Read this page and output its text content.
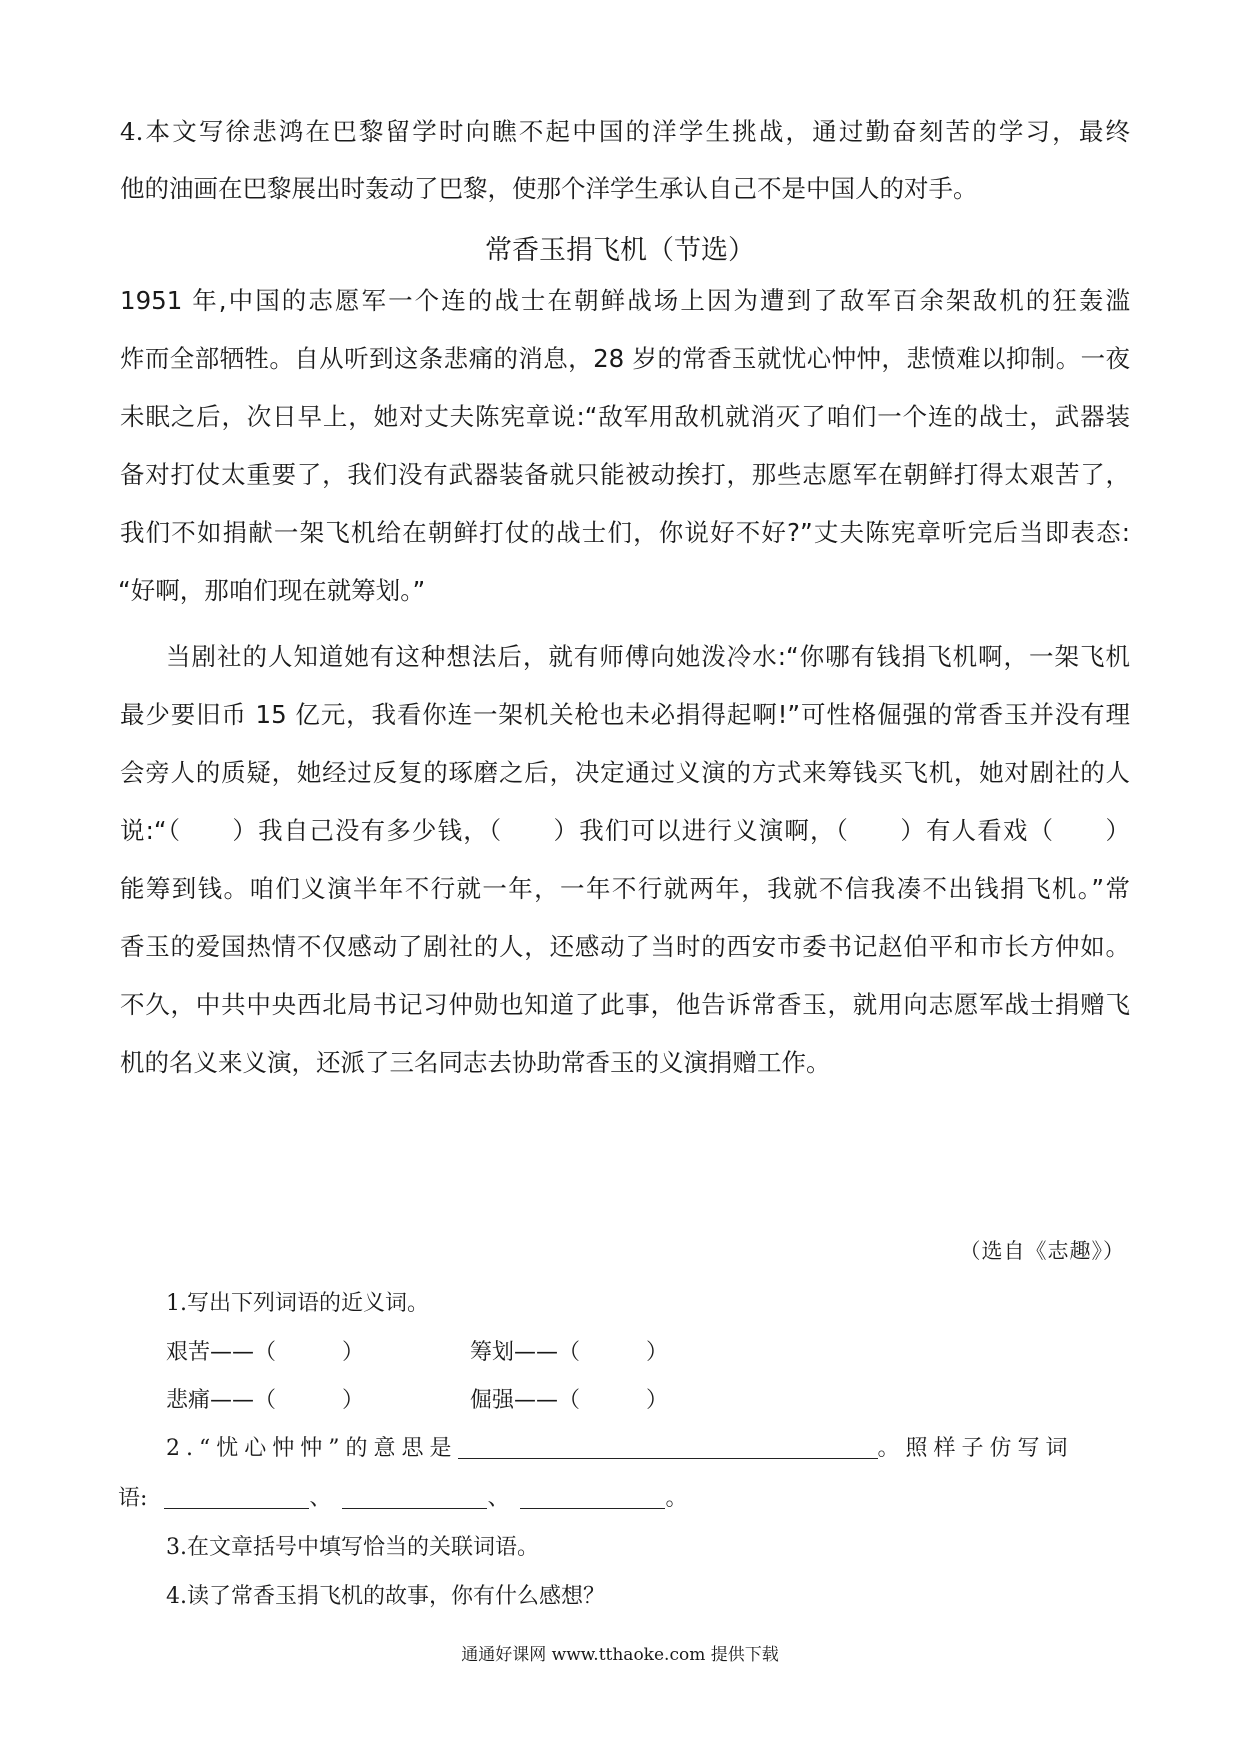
4.本文写徐悲鸿在巴黎留学时向瞧不起中国的洋学生挑战，通过勤奋刻苦的学习，最终
他的油画在巴黎展出时轰动了巴黎，使那个洋学生承认自己不是中国人的对手。
常香玉捐飞机（节选）
1951 年,中国的志愿军一个连的战士在朝鲜战场上因为遭到了敌军百余架敌机的狂轰滥
炸而全部牺牲。自从听到这条悲痛的消息，28 岁的常香玉就忧心忡忡，悲愤难以抑制。一夜
未眠之后，次日早上，她对丈夫陈宪章说:“敌军用敌机就消灭了咱们一个连的战士，武器装
备对打仗太重要了，我们没有武器装备就只能被动挨打，那些志愿军在朝鲜打得太艰苦了，
我们不如捐献一架飞机给在朝鲜打仗的战士们，你说好不好?”丈夫陈宪章听完后当即表态:
“好啊，那咱们现在就筹划。”
当剧社的人知道她有这种想法后，就有师傅向她泼冷水:“你哪有钱捐飞机啊，一架飞机
最少要旧币 15 亿元，我看你连一架机关枪也未必捐得起啊!”可性格倔强的常香玉并没有理
会旁人的质疑，她经过反复的琢磨之后，决定通过义演的方式来筹钱买飞机，她对剧社的人
说:“（　　）我自己没有多少钱，（　　）我们可以进行义演啊，（　　）有人看戏（　　）
能筹到钱。咱们义演半年不行就一年，一年不行就两年，我就不信我凑不出钱捐飞机。”常
香玉的爱国热情不仅感动了剧社的人，还感动了当时的西安市委书记赵伯平和市长方仲如。
不久，中共中央西北局书记习仲勋也知道了此事，他告诉常香玉，就用向志愿军战士捐赠飞
机的名义来义演，还派了三名同志去协助常香玉的义演捐赠工作。
（选自《志趣》）
1.写出下列词语的近义词。
艰苦——（　　　）	筹划——（　　　）
悲痛——（　　　）	倔强——（　　　）
2.“忧心忡忡”的意思是	。照样子仿写词
语:	、	、	。
3.在文章括号中填写恰当的关联词语。
4.读了常香玉捐飞机的故事，你有什么感想？
通通好课网 www.tthaoke.com 提供下载
